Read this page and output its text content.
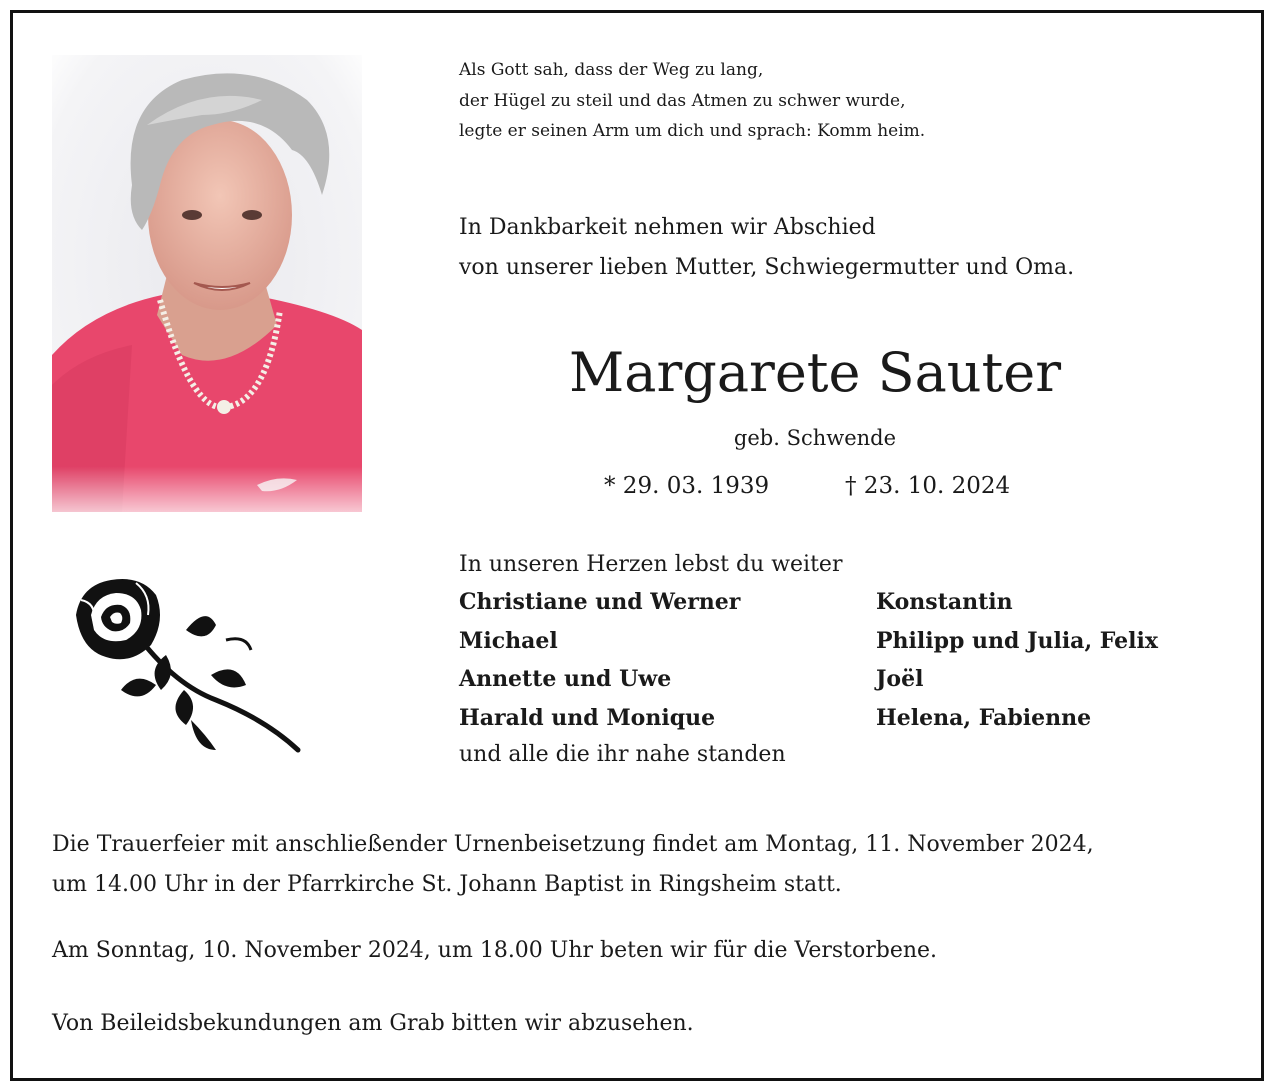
Als Gott sah, dass der Weg zu lang,
der Hügel zu steil und das Atmen zu schwer wurde,
legte er seinen Arm um dich und sprach: Komm heim.
In Dankbarkeit nehmen wir Abschied
von unserer lieben Mutter, Schwiegermutter und Oma.
Margarete Sauter
geb. Schwende
* 29. 03. 1939	† 23. 10. 2024
In unseren Herzen lebst du weiter
Christiane und Werner
Michael
Annette und Uwe
Harald und Monique
Konstantin
Philipp und Julia, Felix
Joël
Helena, Fabienne
und alle die ihr nahe standen
Die Trauerfeier mit anschließender Urnenbeisetzung findet am Montag, 11. November 2024,
um 14.00 Uhr in der Pfarrkirche St. Johann Baptist in Ringsheim statt.
Am Sonntag, 10. November 2024, um 18.00 Uhr beten wir für die Verstorbene.
Von Beileidsbekundungen am Grab bitten wir abzusehen.
